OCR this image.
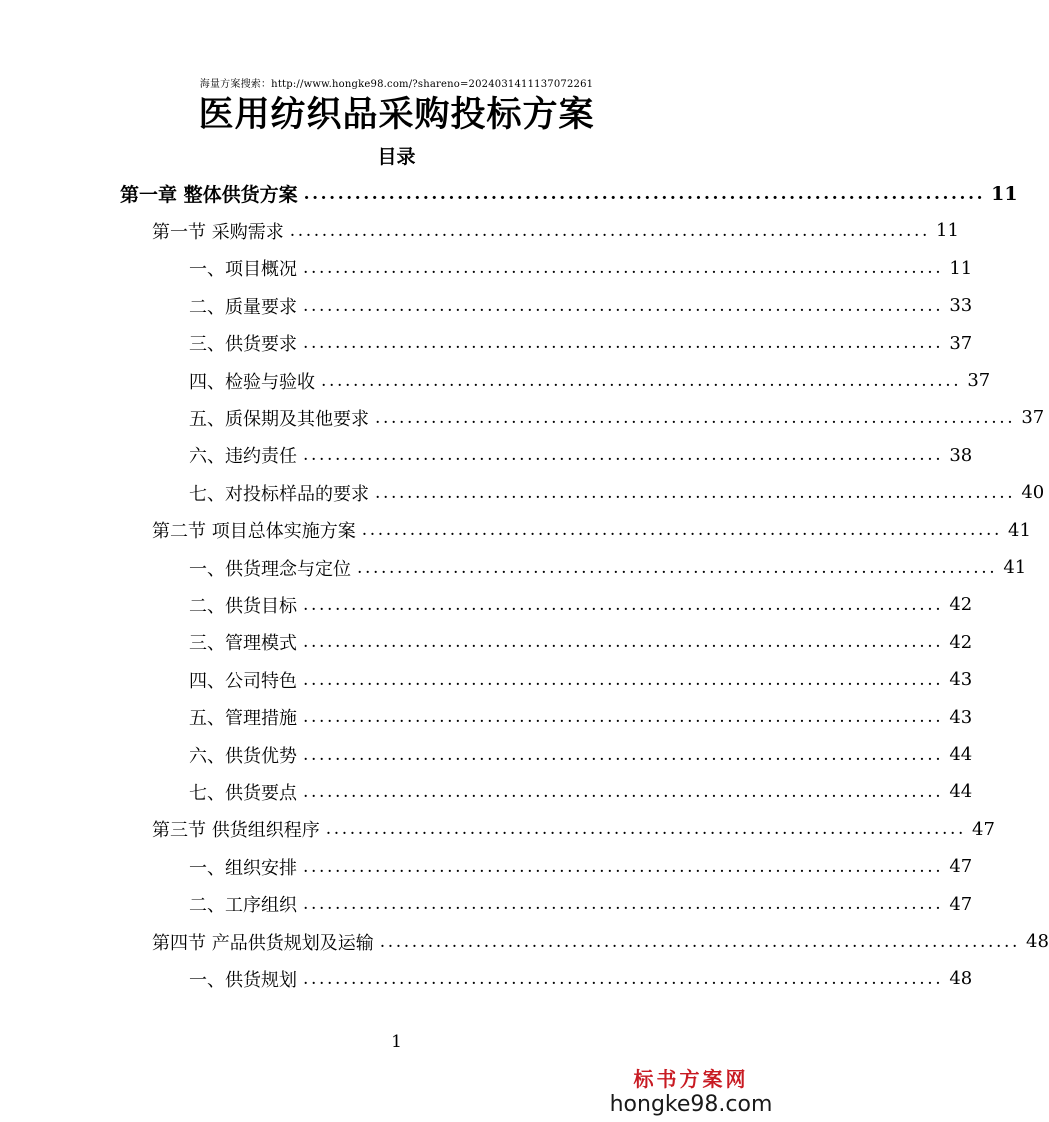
海量方案搜索：http://www.hongke98.com/?shareno=2024031411137072261
医用纺织品采购投标方案
目录
第一章 整体供货方案 ................................................................................ 11
第一节 采购需求 ................................................................................ 11
一、项目概况 ................................................................................ 11
二、质量要求 ................................................................................ 33
三、供货要求 ................................................................................ 37
四、检验与验收 ................................................................................ 37
五、质保期及其他要求 ................................................................................ 37
六、违约责任 ................................................................................ 38
七、对投标样品的要求 ................................................................................ 40
第二节 项目总体实施方案 ................................................................................ 41
一、供货理念与定位 ................................................................................ 41
二、供货目标 ................................................................................ 42
三、管理模式 ................................................................................ 42
四、公司特色 ................................................................................ 43
五、管理措施 ................................................................................ 43
六、供货优势 ................................................................................ 44
七、供货要点 ................................................................................ 44
第三节 供货组织程序 ................................................................................ 47
一、组织安排 ................................................................................ 47
二、工序组织 ................................................................................ 47
第四节 产品供货规划及运输 ................................................................................ 48
一、供货规划 ................................................................................ 48
1
标书方案网
hongke98.com
